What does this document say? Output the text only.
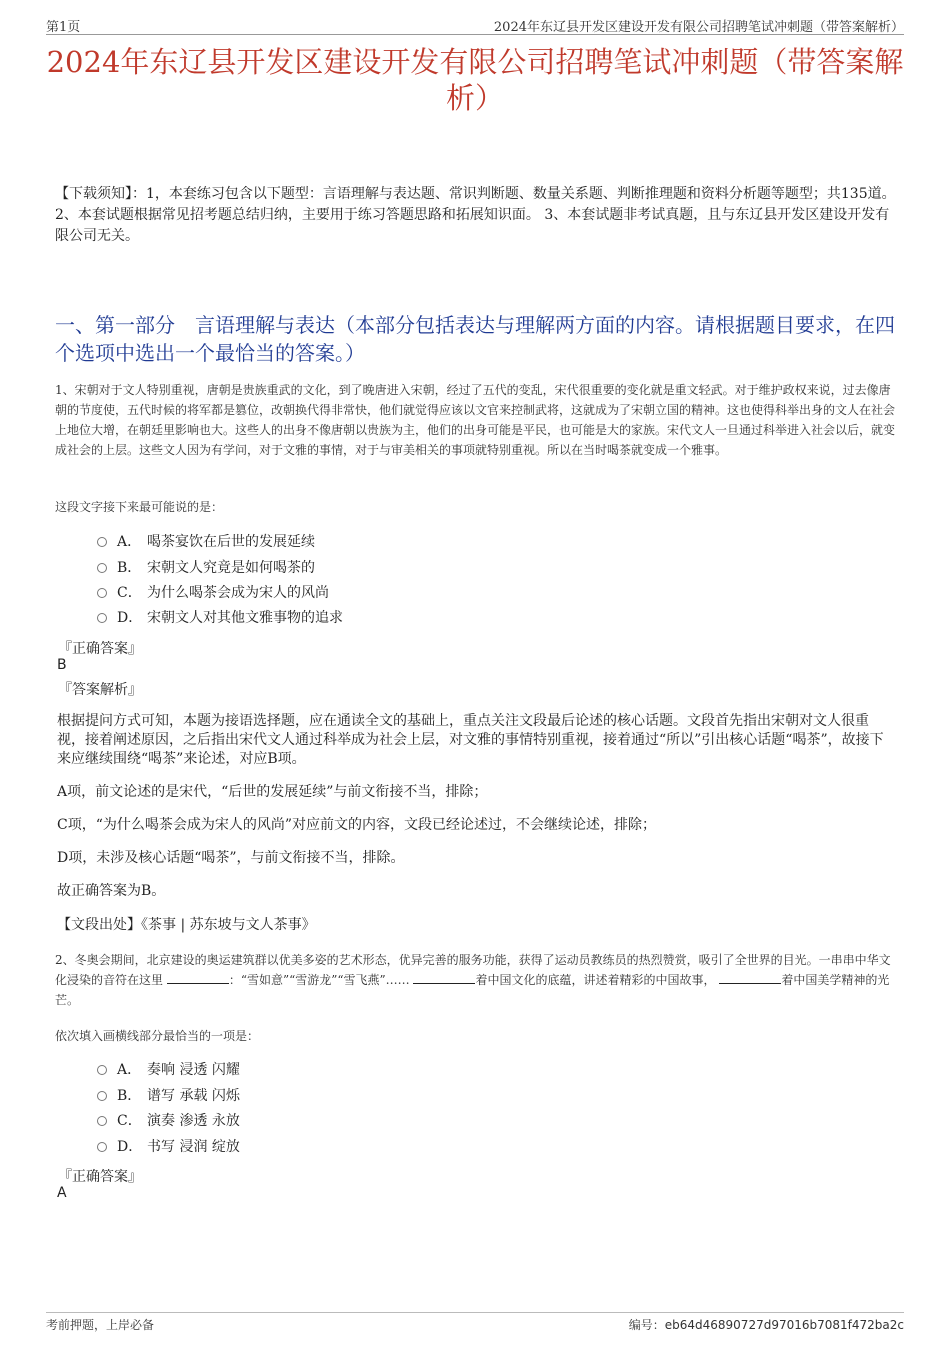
第1页	2024年东辽县开发区建设开发有限公司招聘笔试冲刺题（带答案解析）
2024年东辽县开发区建设开发有限公司招聘笔试冲刺题（带答案解析）
【下载须知】：1，本套练习包含以下题型：言语理解与表达题、常识判断题、数量关系题、判断推理题和资料分析题等题型；共135道。 2、本套试题根据常见招考题总结归纳，主要用于练习答题思路和拓展知识面。 3、本套试题非考试真题，且与东辽县开发区建设开发有限公司无关。
一、第一部分　言语理解与表达（本部分包括表达与理解两方面的内容。请根据题目要求，在四个选项中选出一个最恰当的答案。）
1、宋朝对于文人特别重视，唐朝是贵族重武的文化，到了晚唐进入宋朝，经过了五代的变乱，宋代很重要的变化就是重文轻武。对于维护政权来说，过去像唐朝的节度使，五代时候的将军都是篡位，改朝换代得非常快，他们就觉得应该以文官来控制武将，这就成为了宋朝立国的精神。这也使得科举出身的文人在社会上地位大增，在朝廷里影响也大。这些人的出身不像唐朝以贵族为主，他们的出身可能是平民，也可能是大的家族。宋代文人一旦通过科举进入社会以后，就变成社会的上层。这些文人因为有学问，对于文雅的事情，对于与审美相关的事项就特别重视。所以在当时喝茶就变成一个雅事。
这段文字接下来最可能说的是：
A． 喝茶宴饮在后世的发展延续
B． 宋朝文人究竟是如何喝茶的
C． 为什么喝茶会成为宋人的风尚
D． 宋朝文人对其他文雅事物的追求
『正确答案』
B
『答案解析』
根据提问方式可知，本题为接语选择题，应在通读全文的基础上，重点关注文段最后论述的核心话题。文段首先指出宋朝对文人很重视，接着阐述原因，之后指出宋代文人通过科举成为社会上层，对文雅的事情特别重视，接着通过“所以”引出核心话题“喝茶”，故接下来应继续围绕“喝茶”来论述，对应B项。
A项，前文论述的是宋代，“后世的发展延续”与前文衔接不当，排除；
C项，“为什么喝茶会成为宋人的风尚”对应前文的内容，文段已经论述过，不会继续论述，排除；
D项，未涉及核心话题“喝茶”，与前文衔接不当，排除。
故正确答案为B。
【文段出处】《茶事 | 苏东坡与文人茶事》
2、冬奥会期间，北京建设的奥运建筑群以优美多姿的艺术形态，优异完善的服务功能，获得了运动员教练员的热烈赞赏，吸引了全世界的目光。一串串中华文化浸染的音符在这里	：“雪如意”“雪游龙”“雪飞燕”……	着中国文化的底蕴，讲述着精彩的中国故事，	着中国美学精神的光芒。
依次填入画横线部分最恰当的一项是：
A． 奏响 浸透 闪耀
B． 谱写 承载 闪烁
C． 演奏 渗透 永放
D． 书写 浸润 绽放
『正确答案』
A
考前押题，上岸必备	编号：eb64d46890727d97016b7081f472ba2c
